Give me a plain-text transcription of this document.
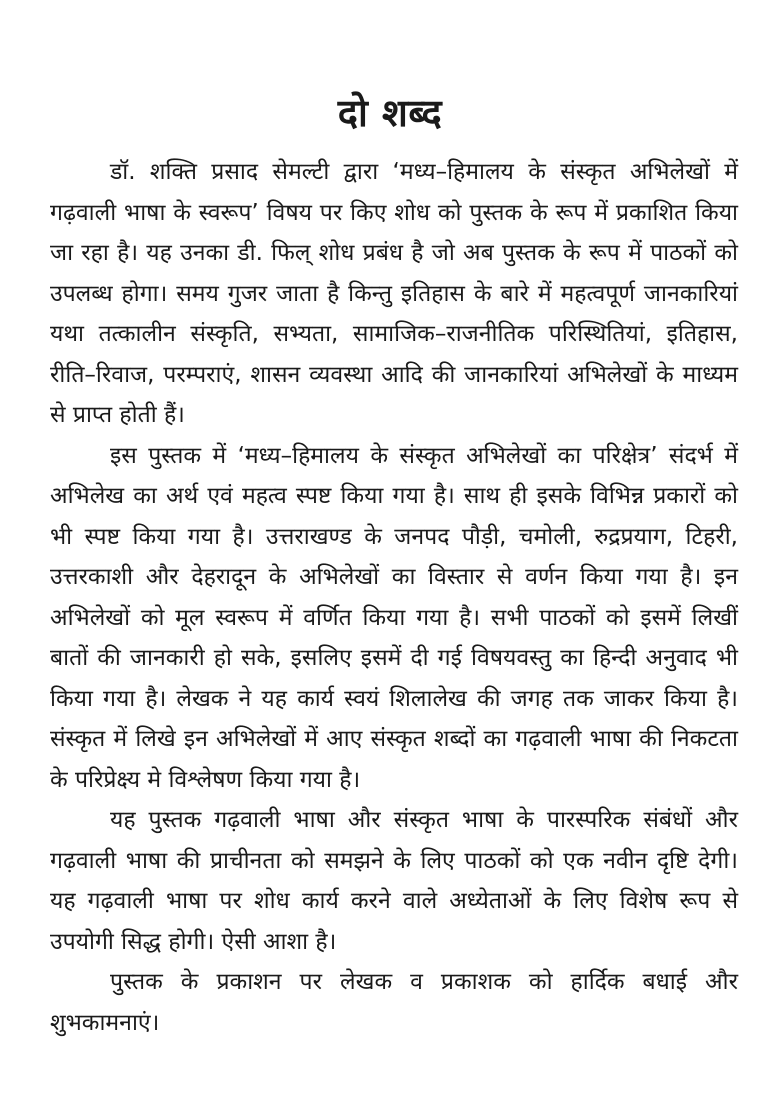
दो शब्द

डॉ. शक्ति प्रसाद सेमल्टी द्वारा ‘मध्य–हिमालय के संस्कृत अभिलेखों में गढ़वाली भाषा के स्वरूप’ विषय पर किए शोध को पुस्तक के रूप में प्रकाशित किया जा रहा है। यह उनका डी. फिल् शोध प्रबंध है जो अब पुस्तक के रूप में पाठकों को उपलब्ध होगा। समय गुजर जाता है किन्तु इतिहास के बारे में महत्वपूर्ण जानकारियां यथा तत्कालीन संस्कृति, सभ्यता, सामाजिक–राजनीतिक परिस्थितियां, इतिहास, रीति–रिवाज, परम्पराएं, शासन व्यवस्था आदि की जानकारियां अभिलेखों के माध्यम से प्राप्त होती हैं।

इस पुस्तक में ‘मध्य–हिमालय के संस्कृत अभिलेखों का परिक्षेत्र’ संदर्भ में अभिलेख का अर्थ एवं महत्व स्पष्ट किया गया है। साथ ही इसके विभिन्न प्रकारों को भी स्पष्ट किया गया है। उत्तराखण्ड के जनपद पौड़ी, चमोली, रुद्रप्रयाग, टिहरी, उत्तरकाशी और देहरादून के अभिलेखों का विस्तार से वर्णन किया गया है। इन अभिलेखों को मूल स्वरूप में वर्णित किया गया है। सभी पाठकों को इसमें लिखीं बातों की जानकारी हो सके, इसलिए इसमें दी गई विषयवस्तु का हिन्दी अनुवाद भी किया गया है। लेखक ने यह कार्य स्वयं शिलालेख की जगह तक जाकर किया है। संस्कृत में लिखे इन अभिलेखों में आए संस्कृत शब्दों का गढ़वाली भाषा की निकटता के परिप्रेक्ष्य मे विश्लेषण किया गया है।

यह पुस्तक गढ़वाली भाषा और संस्कृत भाषा के पारस्परिक संबंधों और गढ़वाली भाषा की प्राचीनता को समझने के लिए पाठकों को एक नवीन दृष्टि देगी। यह गढ़वाली भाषा पर शोध कार्य करने वाले अध्येताओं के लिए विशेष रूप से उपयोगी सिद्ध होगी। ऐसी आशा है।

पुस्तक के प्रकाशन पर लेखक व प्रकाशक को हार्दिक बधाई और शुभकामनाएं।
